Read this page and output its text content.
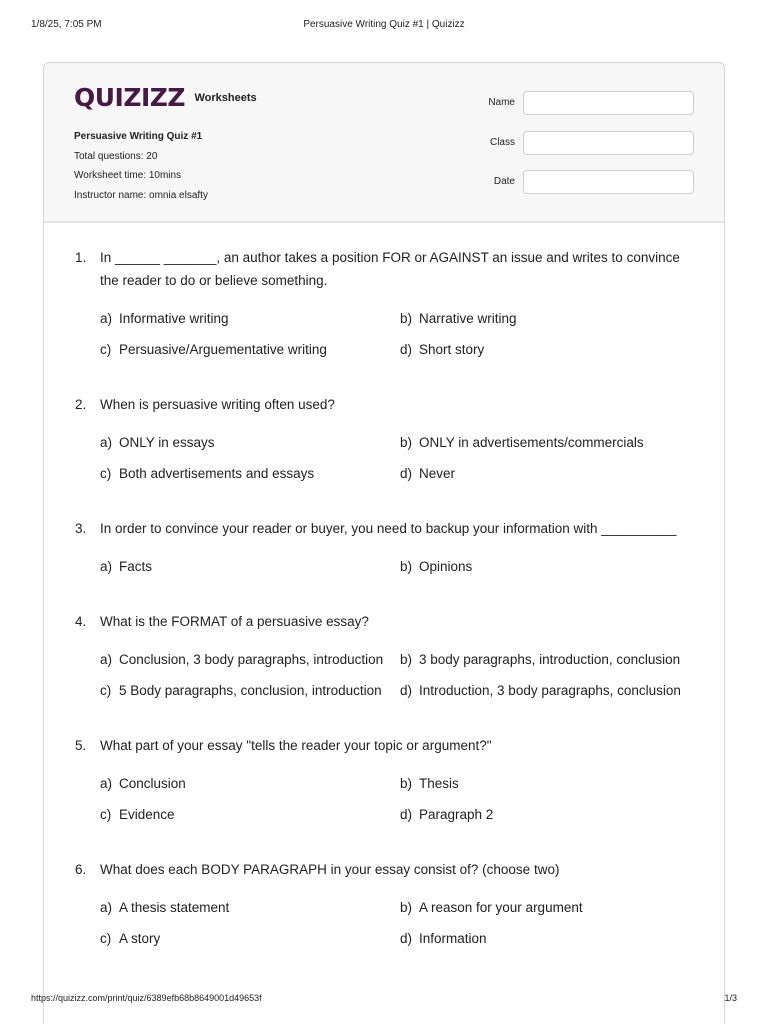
1/8/25, 7:05 PM	Persuasive Writing Quiz #1 | Quizizz
QUIZIZZ Worksheets
Persuasive Writing Quiz #1
Total questions: 20
Worksheet time: 10mins
Instructor name: omnia elsafty
Name
Class
Date
1.	In ______ _______, an author takes a position FOR or AGAINST an issue and writes to convince the reader to do or believe something.
a) Informative writing	b) Narrative writing
c) Persuasive/Arguementative writing	d) Short story
2.	When is persuasive writing often used?
a) ONLY in essays	b) ONLY in advertisements/commercials
c) Both advertisements and essays	d) Never
3.	In order to convince your reader or buyer, you need to backup your information with __________
a) Facts	b) Opinions
4.	What is the FORMAT of a persuasive essay?
a) Conclusion, 3 body paragraphs, introduction b) 3 body paragraphs, introduction, conclusion
c) 5 Body paragraphs, conclusion, introduction d) Introduction, 3 body paragraphs, conclusion
5.	What part of your essay "tells the reader your topic or argument?"
a) Conclusion	b) Thesis
c) Evidence	d) Paragraph 2
6.	What does each BODY PARAGRAPH in your essay consist of? (choose two)
a) A thesis statement	b) A reason for your argument
c) A story	d) Information
https://quizizz.com/print/quiz/6389efb68b8649001d49653f	1/3
